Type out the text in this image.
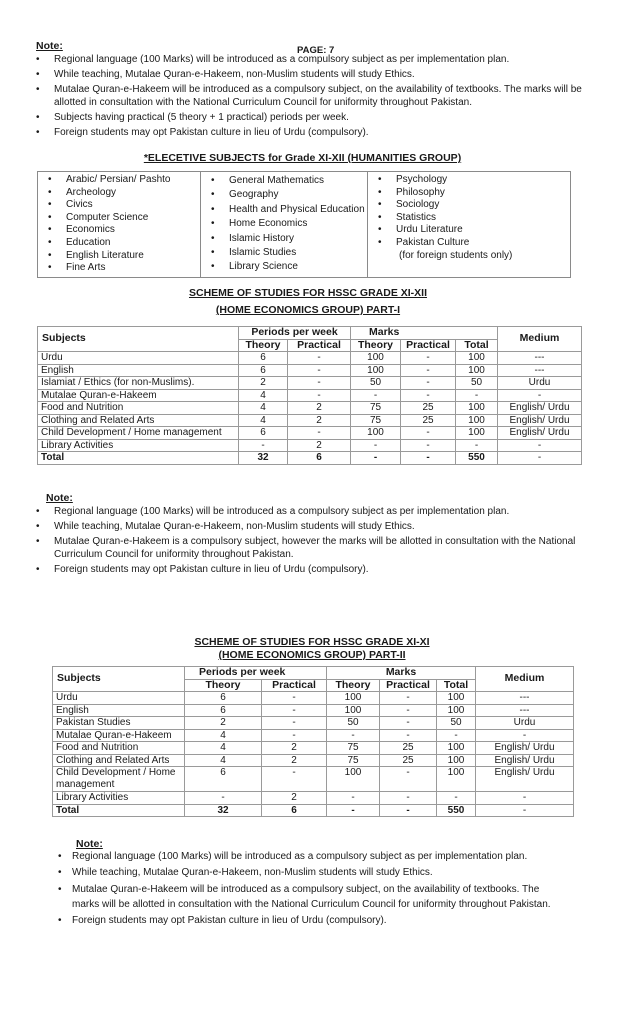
Note:	PAGE: 7
• Regional language (100 Marks) will be introduced as a compulsory subject as per implementation plan.
• While teaching, Mutalae Quran-e-Hakeem, non-Muslim students will study Ethics.
• Mutalae Quran-e-Hakeem will be introduced as a compulsory subject, on the availability of textbooks. The marks will be allotted in consultation with the National Curriculum Council for uniformity throughout Pakistan.
• Subjects having practical (5 theory + 1 practical) periods per week.
• Foreign students may opt Pakistan culture in lieu of Urdu (compulsory).
*ELECETIVE SUBJECTS for Grade XI-XII (HUMANITIES GROUP)
• Arabic/ Persian/ Pashto
• Archeology
• Civics
• Computer Science
• Economics
• Education
• English Literature
• Fine Arts
• General Mathematics
• Geography
• Health and Physical Education
• Home Economics
• Islamic History
• Islamic Studies
• Library Science
• Psychology
• Philosophy
• Sociology
• Statistics
• Urdu Literature
• Pakistan Culture
(for foreign students only)
SCHEME OF STUDIES FOR HSSC GRADE XI-XII
(HOME ECONOMICS GROUP) PART-I
Subjects	Periods per week		Marks			Medium
	Theory	Practical	Theory	Practical	Total	
Urdu	6	-	100	-	100	---
English	6	-	100	-	100	---
Islamiat / Ethics (for non-Muslims).	2	-	50	-	50	Urdu
Mutalae Quran-e-Hakeem	4	-	-	-	-	-
Food and Nutrition	4	2	75	25	100	English/ Urdu
Clothing and Related Arts	4	2	75	25	100	English/ Urdu
Child Development / Home management	6	-	100	-	100	English/ Urdu
Library Activities	-	2	-	-	-	-
Total	32	6	-	-	550	-
Note:
• Regional language (100 Marks) will be introduced as a compulsory subject as per implementation plan.
• While teaching, Mutalae Quran-e-Hakeem, non-Muslim students will study Ethics.
• Mutalae Quran-e-Hakeem is a compulsory subject, however the marks will be allotted in consultation with the National Curriculum Council for uniformity throughout Pakistan.
• Foreign students may opt Pakistan culture in lieu of Urdu (compulsory).
SCHEME OF STUDIES FOR HSSC GRADE XI-XI
(HOME ECONOMICS GROUP) PART-II
Subjects	Periods per week		Marks			Medium
	Theory	Practical	Theory	Practical	Total	
Urdu	6	-	100	-	100	---
English	6	-	100	-	100	---
Pakistan Studies	2	-	50	-	50	Urdu
Mutalae Quran-e-Hakeem	4	-	-	-	-	-
Food and Nutrition	4	2	75	25	100	English/ Urdu
Clothing and Related Arts	4	2	75	25	100	English/ Urdu
Child Development / Home management	6	-	100	-	100	English/ Urdu
Library Activities	-	2	-	-	-	-
Total	32	6	-	-	550	-
Note:
• Regional language (100 Marks) will be introduced as a compulsory subject as per implementation plan.
• While teaching, Mutalae Quran-e-Hakeem, non-Muslim students will study Ethics.
• Mutalae Quran-e-Hakeem will be introduced as a compulsory subject, on the availability of textbooks. The marks will be allotted in consultation with the National Curriculum Council for uniformity throughout Pakistan.
• Foreign students may opt Pakistan culture in lieu of Urdu (compulsory).
